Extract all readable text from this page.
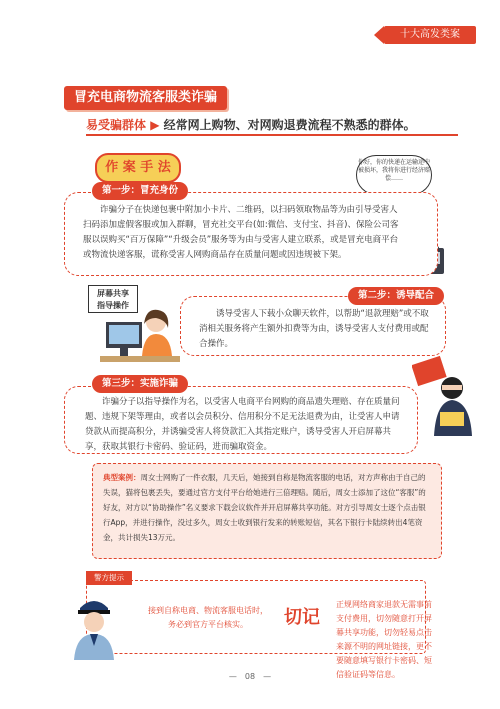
十大高发类案
冒充电商物流客服类诈骗
易受骗群体 ▶ 经常网上购物、对网购退费流程不熟悉的群体。
作 案 手 法	你好，你的快递在运输途中被损坏，我将你进行经济赔偿……
诈骗分子在快递包裹中附加小卡片、二维码，以扫码领取物品等为由引导受害人扫码添加虚假客服或加入群聊，冒充社交平台(如:微信、支付宝、抖音)、保险公司客服以误购买“百万保障”“升级会员”服务等为由与受害人建立联系，或是冒充电商平台或物流快递客服，谎称受害人网购商品存在质量问题或因违规被下架。
第一步：冒充身份
屏幕共享
指导操作
诱导受害人下载小众聊天软件，以帮助“退款理赔”或不取消相关服务将产生额外扣费等为由，诱导受害人支付费用或配合操作。
第二步：诱导配合
诈骗分子以指导操作为名，以受害人电商平台网购的商品遗失理赔、存在质量问题、违规下架等理由，或者以会员积分、信用积分不足无法退费为由，让受害人申请贷款从而提高积分，并诱骗受害人将贷款汇入其指定账户，诱导受害人开启屏幕共享，获取其银行卡密码、验证码，进而骗取资金。
第三步：实施诈骗
典型案例：周女士网购了一件衣服，几天后，她接到自称是物流客服的电话，对方声称由于自己的失误，猫将包裹丢失，要通过官方支付平台给她进行三倍理赔。随后，周女士添加了这位“客服”的好友，对方以“协助操作”名义要求下载会议软件并开启屏幕共享功能。对方引导周女士逐个点击银行App，并进行操作，没过多久，周女士收到银行发来的转账短信，其名下银行卡陆续转出4笔资金，共计损失13万元。
警方提示
接到自称电商、物流客服电话时，务必到官方平台核实。	切记
正规网络商家退款无需事前支付费用，切勿随意打开屏幕共享功能，切勿轻易点击来源不明的网址链接，更不要随意填写银行卡密码、短信验证码等信息。
— 08 —
